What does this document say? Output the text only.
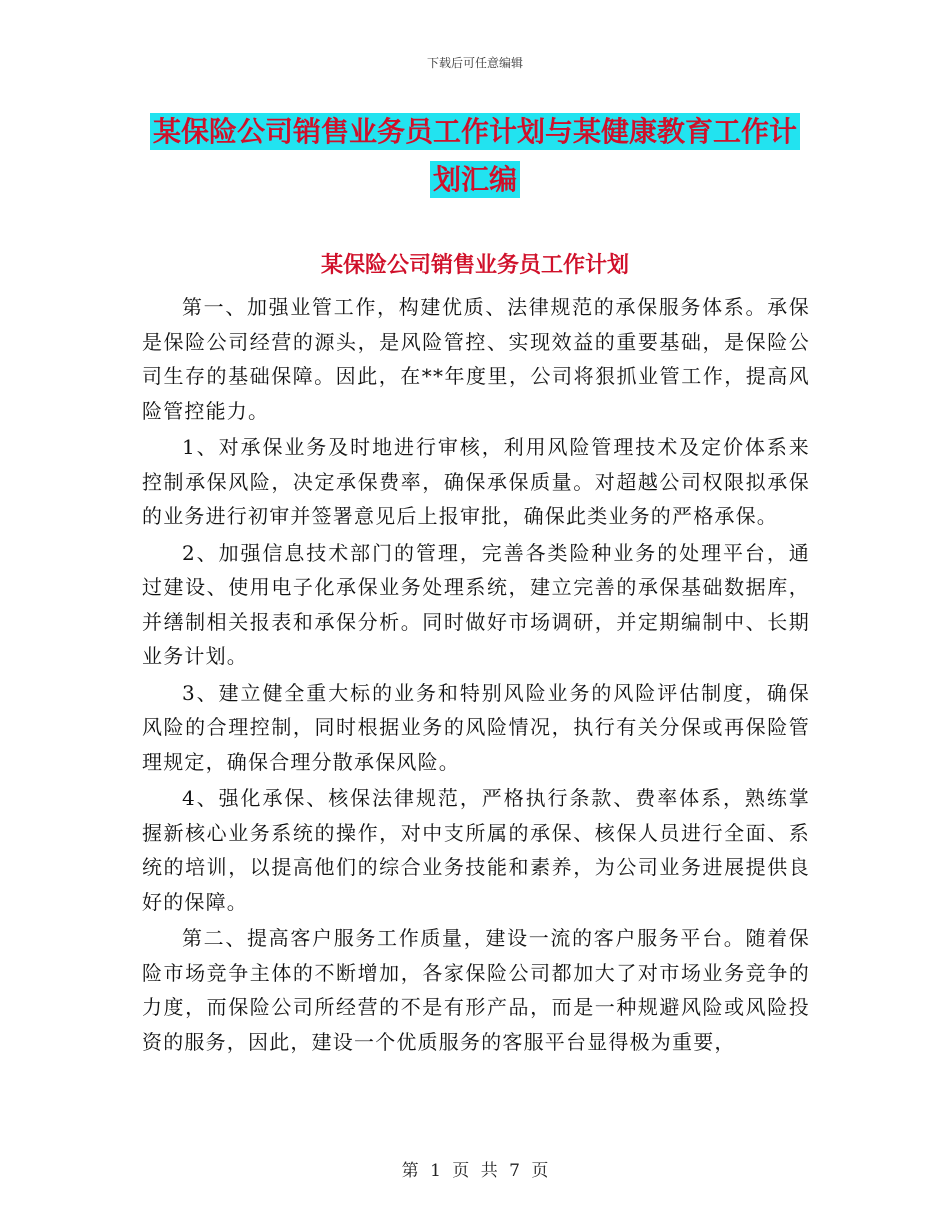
下载后可任意编辑
某保险公司销售业务员工作计划与某健康教育工作计
划汇编
某保险公司销售业务员工作计划

第一、加强业管工作，构建优质、法律规范的承保服务体系。承保是保险公司经营的源头，是风险管控、实现效益的重要基础，是保险公司生存的基础保障。因此，在**年度里，公司将狠抓业管工作，提高风险管控能力。

1、对承保业务及时地进行审核，利用风险管理技术及定价体系来控制承保风险，决定承保费率，确保承保质量。对超越公司权限拟承保的业务进行初审并签署意见后上报审批，确保此类业务的严格承保。

2、加强信息技术部门的管理，完善各类险种业务的处理平台，通过建设、使用电子化承保业务处理系统，建立完善的承保基础数据库，并缮制相关报表和承保分析。同时做好市场调研，并定期编制中、长期业务计划。

3、建立健全重大标的业务和特别风险业务的风险评估制度，确保风险的合理控制，同时根据业务的风险情况，执行有关分保或再保险管理规定，确保合理分散承保风险。

4、强化承保、核保法律规范，严格执行条款、费率体系，熟练掌握新核心业务系统的操作，对中支所属的承保、核保人员进行全面、系统的培训，以提高他们的综合业务技能和素养，为公司业务进展提供良好的保障。

第二、提高客户服务工作质量，建设一流的客户服务平台。随着保险市场竞争主体的不断增加，各家保险公司都加大了对市场业务竞争的力度，而保险公司所经营的不是有形产品，而是一种规避风险或风险投资的服务，因此，建设一个优质服务的客服平台显得极为重要，

第 1 页 共 7 页
